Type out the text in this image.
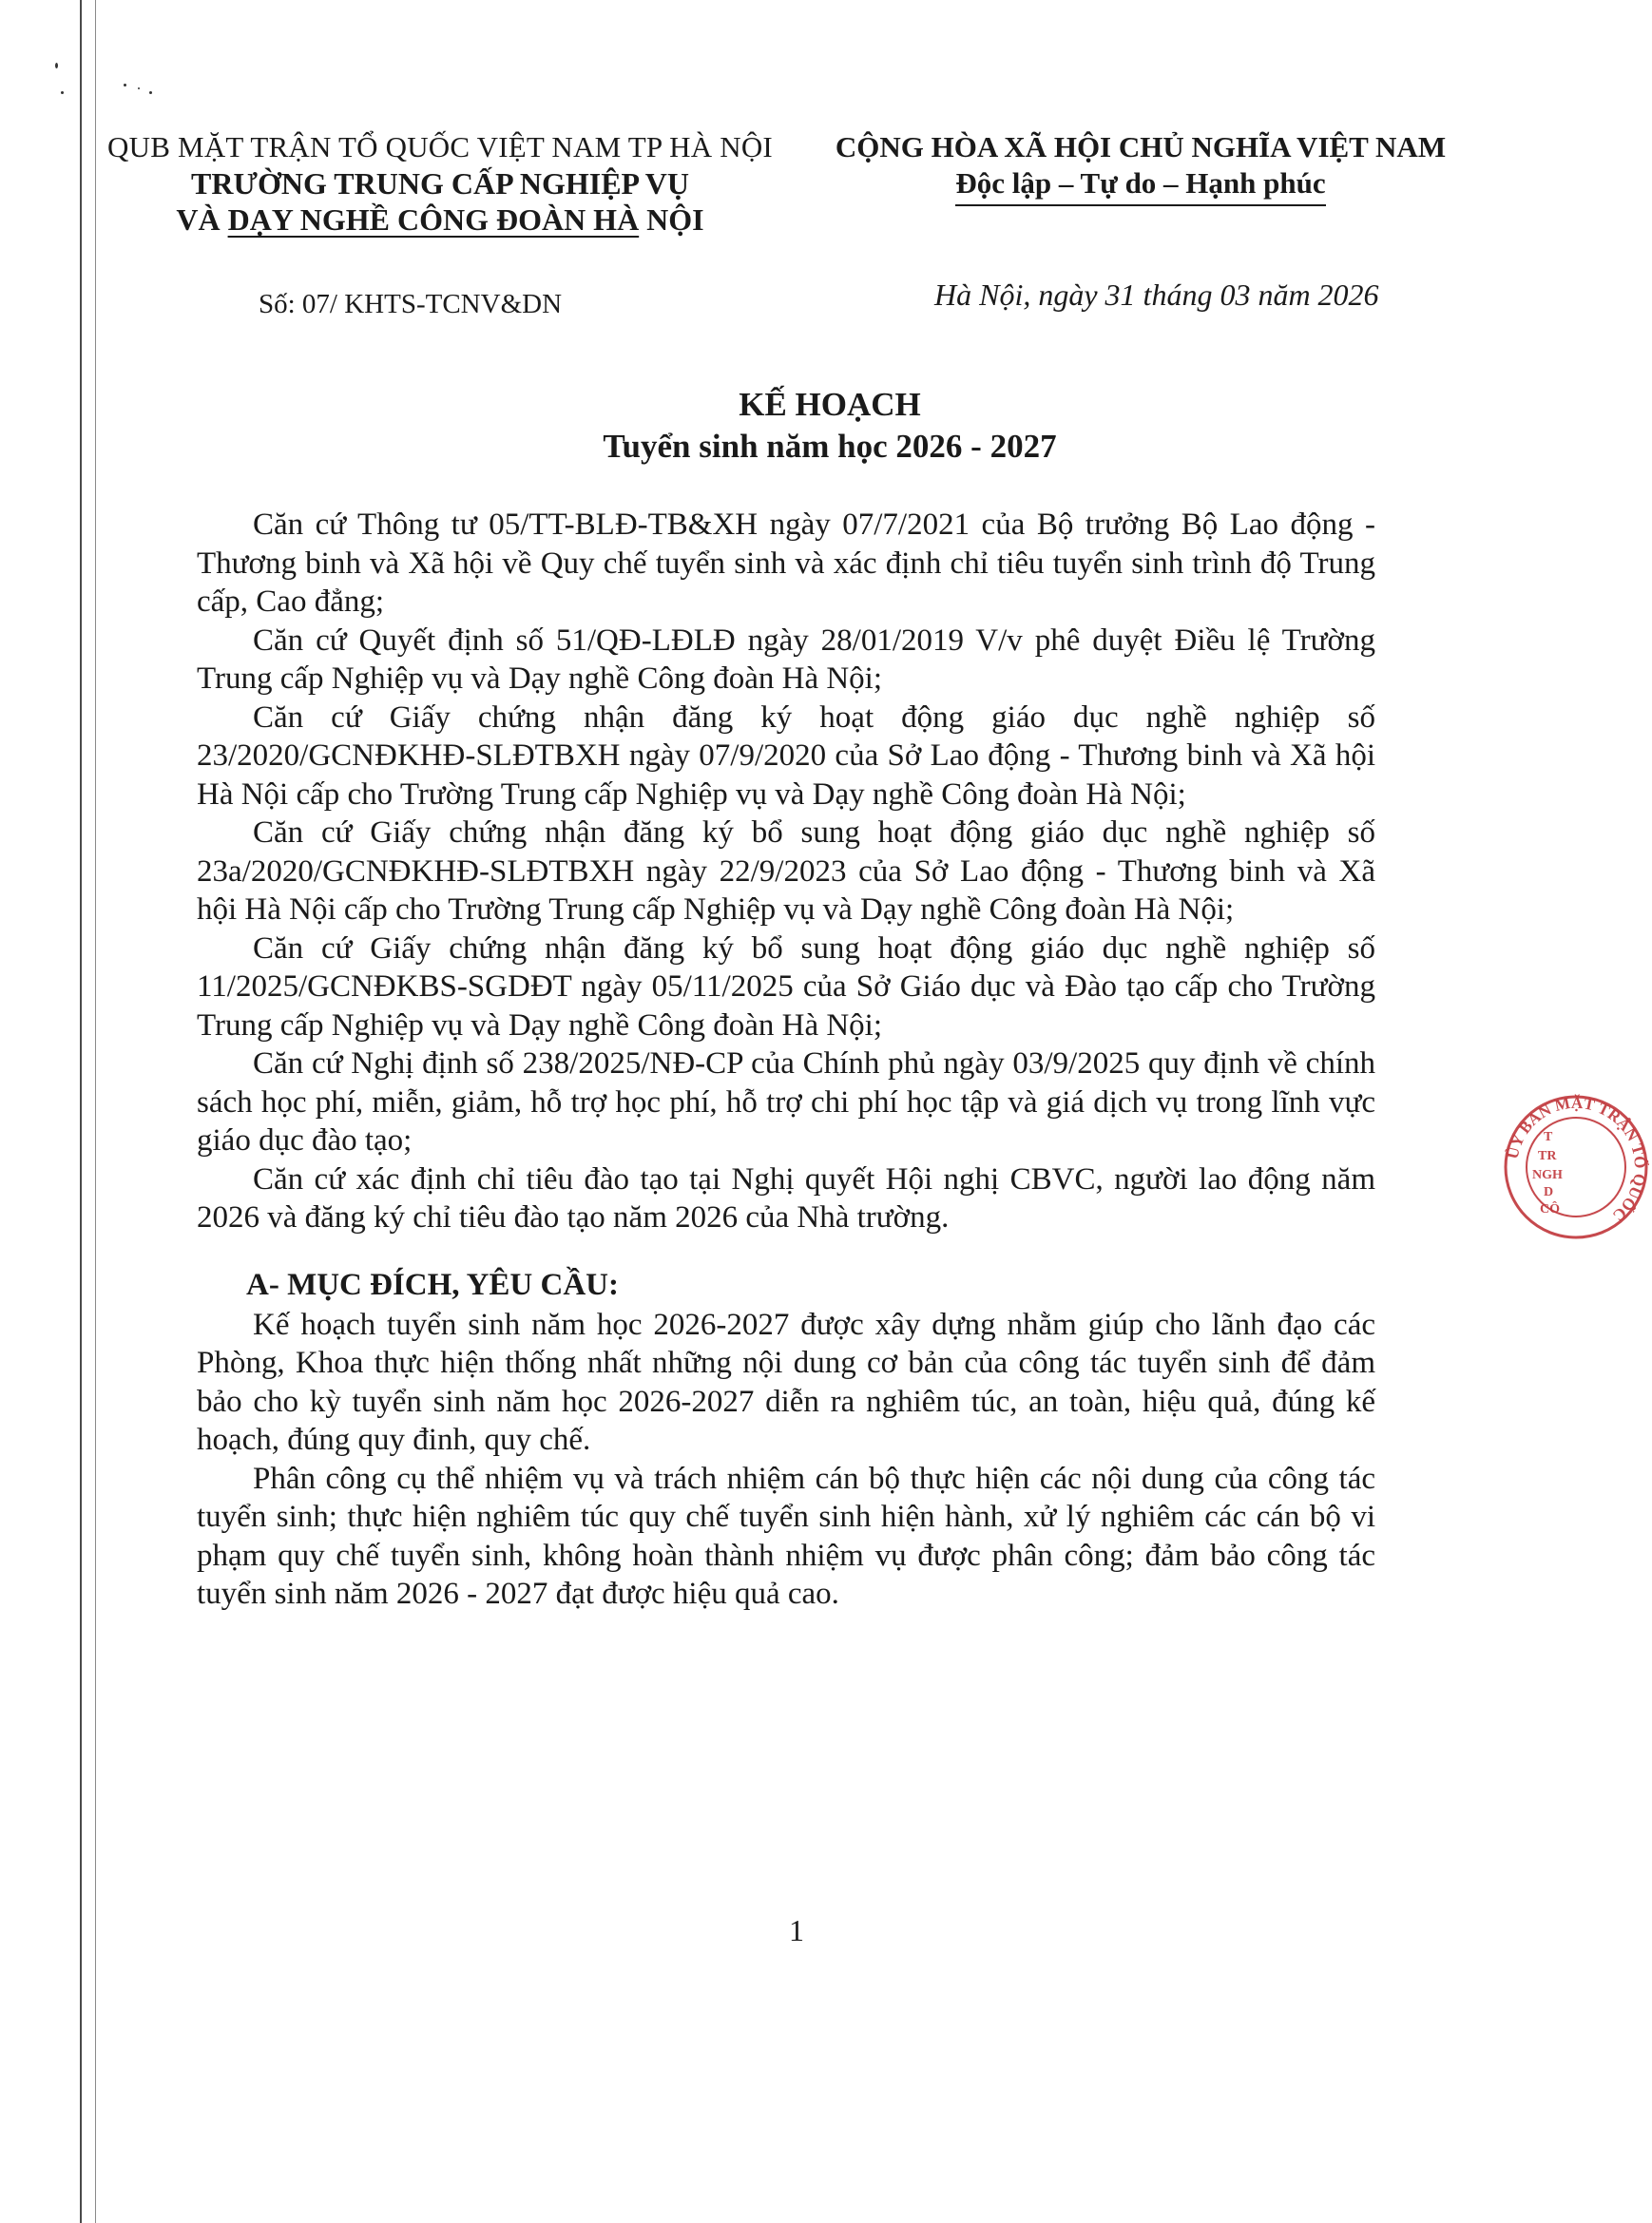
QUB MẶT TRẬN TỔ QUỐC VIỆT NAM TP HÀ NỘI
TRƯỜNG TRUNG CẤP NGHIỆP VỤ
VÀ DẠY NGHỀ CÔNG ĐOÀN HÀ NỘI
CỘNG HÒA XÃ HỘI CHỦ NGHĨA VIỆT NAM
Độc lập – Tự do – Hạnh phúc
Số: 07/ KHTS-TCNV&DN	Hà Nội, ngày 31 tháng 03 năm 2026
KẾ HOẠCH
Tuyển sinh năm học 2026 - 2027

Căn cứ Thông tư 05/TT-BLĐ-TB&XH ngày 07/7/2021 của Bộ trưởng Bộ Lao động - Thương binh và Xã hội về Quy chế tuyển sinh và xác định chỉ tiêu tuyển sinh trình độ Trung cấp, Cao đẳng;

Căn cứ Quyết định số 51/QĐ-LĐLĐ ngày 28/01/2019 V/v phê duyệt Điều lệ Trường Trung cấp Nghiệp vụ và Dạy nghề Công đoàn Hà Nội;

Căn cứ Giấy chứng nhận đăng ký hoạt động giáo dục nghề nghiệp số 23/2020/GCNĐKHĐ-SLĐTBXH ngày 07/9/2020 của Sở Lao động - Thương binh và Xã hội Hà Nội cấp cho Trường Trung cấp Nghiệp vụ và Dạy nghề Công đoàn Hà Nội;

Căn cứ Giấy chứng nhận đăng ký bổ sung hoạt động giáo dục nghề nghiệp số 23a/2020/GCNĐKHĐ-SLĐTBXH ngày 22/9/2023 của Sở Lao động - Thương binh và Xã hội Hà Nội cấp cho Trường Trung cấp Nghiệp vụ và Dạy nghề Công đoàn Hà Nội;

Căn cứ Giấy chứng nhận đăng ký bổ sung hoạt động giáo dục nghề nghiệp số 11/2025/GCNĐKBS-SGDĐT ngày 05/11/2025 của Sở Giáo dục và Đào tạo cấp cho Trường Trung cấp Nghiệp vụ và Dạy nghề Công đoàn Hà Nội;

Căn cứ Nghị định số 238/2025/NĐ-CP của Chính phủ ngày 03/9/2025 quy định về chính sách học phí, miễn, giảm, hỗ trợ học phí, hỗ trợ chi phí học tập và giá dịch vụ trong lĩnh vực giáo dục đào tạo;

Căn cứ xác định chỉ tiêu đào tạo tại Nghị quyết Hội nghị CBVC, người lao động năm 2026 và đăng ký chỉ tiêu đào tạo năm 2026 của Nhà trường.

A- MỤC ĐÍCH, YÊU CẦU:

Kế hoạch tuyển sinh năm học 2026-2027 được xây dựng nhằm giúp cho lãnh đạo các Phòng, Khoa thực hiện thống nhất những nội dung cơ bản của công tác tuyển sinh để đảm bảo cho kỳ tuyển sinh năm học 2026-2027 diễn ra nghiêm túc, an toàn, hiệu quả, đúng kế hoạch, đúng quy đinh, quy chế.

Phân công cụ thể nhiệm vụ và trách nhiệm cán bộ thực hiện các nội dung của công tác tuyển sinh; thực hiện nghiêm túc quy chế tuyển sinh hiện hành, xử lý nghiêm các cán bộ vi phạm quy chế tuyển sinh, không hoàn thành nhiệm vụ được phân công; đảm bảo công tác tuyển sinh năm 2026 - 2027 đạt được hiệu quả cao.

1
ỦY BAN MẶT TRẬN TỔ QUỐC
T
TR
NGH
D
CÔ
